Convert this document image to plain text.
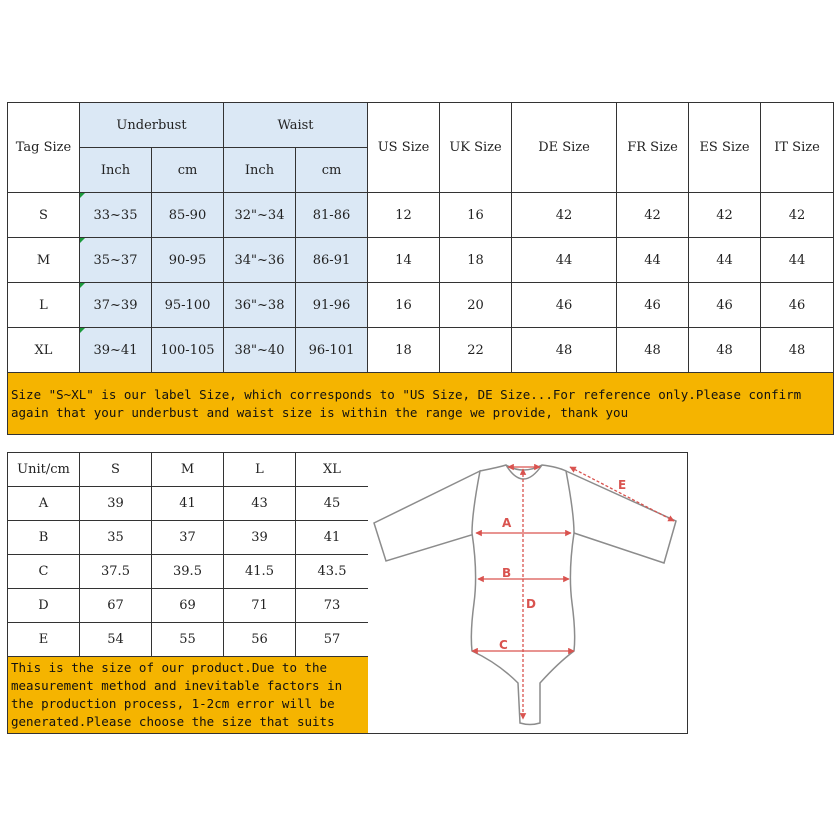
Tag Size	Underbust		Waist		US Size	UK Size	DE Size	FR Size	ES Size	IT Size
	Inch	cm	Inch	cm						
S	33~35	85-90	32"~34	81-86	12	16	42	42	42	42
M	35~37	90-95	34"~36	86-91	14	18	44	44	44	44
L	37~39	95-100	36"~38	91-96	16	20	46	46	46	46
XL	39~41	100-105	38"~40	96-101	18	22	48	48	48	48
Size "S~XL" is our label Size, which corresponds to "US Size, DE Size...For reference only.Please confirm again that your underbust and waist size is within the range we provide, thank you										
Unit/cm	S	M	L	XL
A	39	41	43	45
B	35	37	39	41
C	37.5	39.5	41.5	43.5
D	67	69	71	73
E	54	55	56	57
This is the size of our product.Due to the measurement method and inevitable factors in the production process, 1-2cm error will be generated.Please choose the size that suits				
A
B
C
D
E
